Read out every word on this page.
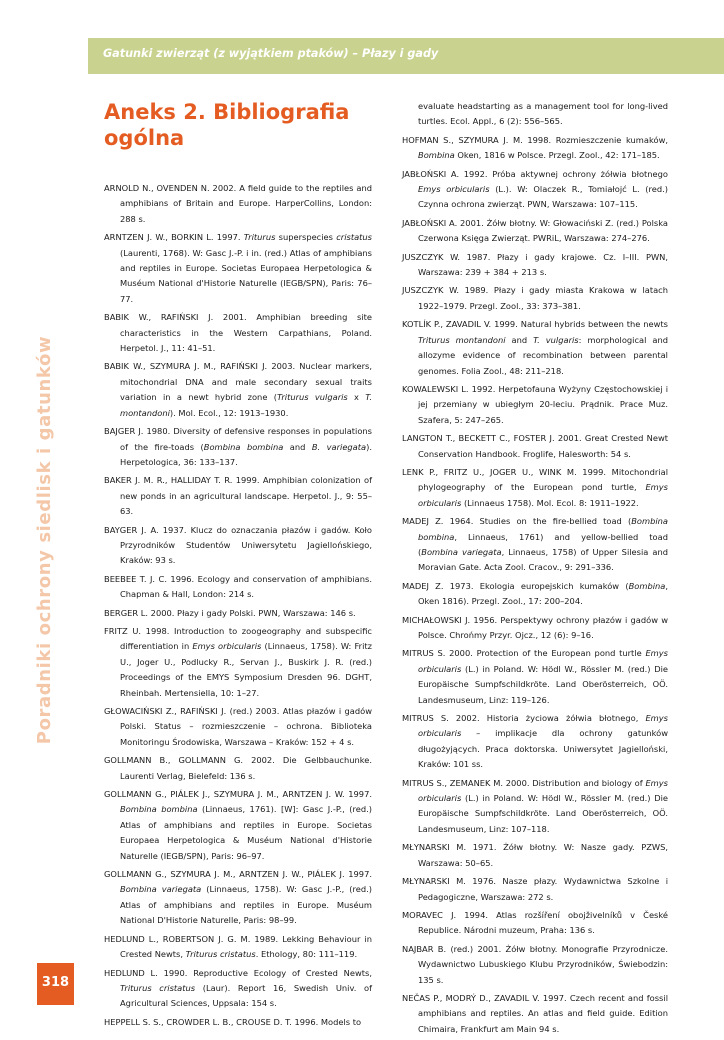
Gatunki zwierząt (z wyjątkiem ptaków) – Płazy i gady
Poradniki ochrony siedlisk i gatunków
318
Aneks 2. Bibliografia
ogólna
ARNOLD N., OVENDEN N. 2002. A field guide to the reptiles and amphibians of Britain and Europe. HarperCollins, London: 288 s.
ARNTZEN J. W., BORKIN L. 1997. Triturus superspecies cristatus (Laurenti, 1768). W: Gasc J.-P. i in. (red.) Atlas of amphibians and reptiles in Europe. Societas Europaea Herpetologica & Muséum National d'Historie Naturelle (IEGB/SPN), Paris: 76–77.
BABIK W., RAFIŃSKI J. 2001. Amphibian breeding site characteristics in the Western Carpathians, Poland. Herpetol. J., 11: 41–51.
BABIK W., SZYMURA J. M., RAFIŃSKI J. 2003. Nuclear markers, mitochondrial DNA and male secondary sexual traits variation in a newt hybrid zone (Triturus vulgaris x T. montandoni). Mol. Ecol., 12: 1913–1930.
BAJGER J. 1980. Diversity of defensive responses in populations of the fire-toads (Bombina bombina and B. variegata). Herpetologica, 36: 133–137.
BAKER J. M. R., HALLIDAY T. R. 1999. Amphibian colonization of new ponds in an agricultural landscape. Herpetol. J., 9: 55–63.
BAYGER J. A. 1937. Klucz do oznaczania płazów i gadów. Koło Przyrodników Studentów Uniwersytetu Jagiellońskiego, Kraków: 93 s.
BEEBEE T. J. C. 1996. Ecology and conservation of amphibians. Chapman & Hall, London: 214 s.
BERGER L. 2000. Płazy i gady Polski. PWN, Warszawa: 146 s.
FRITZ U. 1998. Introduction to zoogeography and subspecific differentiation in Emys orbicularis (Linnaeus, 1758). W: Fritz U., Joger U., Podlucky R., Servan J., Buskirk J. R. (red.) Proceedings of the EMYS Symposium Dresden 96. DGHT, Rheinbah. Mertensiella, 10: 1–27.
GŁOWACIŃSKI Z., RAFIŃSKI J. (red.) 2003. Atlas płazów i gadów Polski. Status – rozmieszczenie – ochrona. Biblioteka Monitoringu Środowiska, Warszawa – Kraków: 152 + 4 s.
GOLLMANN B., GOLLMANN G. 2002. Die Gelbbauchunke. Laurenti Verlag, Bielefeld: 136 s.
GOLLMANN G., PIÁLEK J., SZYMURA J. M., ARNTZEN J. W. 1997. Bombina bombina (Linnaeus, 1761). [W]: Gasc J.-P., (red.) Atlas of amphibians and reptiles in Europe. Societas Europaea Herpetologica & Muséum National d'Historie Naturelle (IEGB/SPN), Paris: 96–97.
GOLLMANN G., SZYMURA J. M., ARNTZEN J. W., PIÁLEK J. 1997. Bombina variegata (Linnaeus, 1758). W: Gasc J.-P., (red.) Atlas of amphibians and reptiles in Europe. Muséum National D'Historie Naturelle, Paris: 98–99.
HEDLUND L., ROBERTSON J. G. M. 1989. Lekking Behaviour in Crested Newts, Triturus cristatus. Ethology, 80: 111–119.
HEDLUND L. 1990. Reproductive Ecology of Crested Newts, Triturus cristatus (Laur). Report 16, Swedish Univ. of Agricultural Sciences, Uppsala: 154 s.
HEPPELL S. S., CROWDER L. B., CROUSE D. T. 1996. Models to
evaluate headstarting as a management tool for long-lived turtles. Ecol. Appl., 6 (2): 556–565.
HOFMAN S., SZYMURA J. M. 1998. Rozmieszczenie kumaków, Bombina Oken, 1816 w Polsce. Przegl. Zool., 42: 171–185.
JABŁOŃSKI A. 1992. Próba aktywnej ochrony żółwia błotnego Emys orbicularis (L.). W: Olaczek R., Tomiałojć L. (red.) Czynna ochrona zwierząt. PWN, Warszawa: 107–115.
JABŁOŃSKI A. 2001. Żółw błotny. W: Głowaciński Z. (red.) Polska Czerwona Księga Zwierząt. PWRiL, Warszawa: 274–276.
JUSZCZYK W. 1987. Płazy i gady krajowe. Cz. I–III. PWN, Warszawa: 239 + 384 + 213 s.
JUSZCZYK W. 1989. Płazy i gady miasta Krakowa w latach 1922–1979. Przegl. Zool., 33: 373–381.
KOTLÍK P., ZAVADIL V. 1999. Natural hybrids between the newts Triturus montandoni and T. vulgaris: morphological and allozyme evidence of recombination between parental genomes. Folia Zool., 48: 211–218.
KOWALEWSKI L. 1992. Herpetofauna Wyżyny Częstochowskiej i jej przemiany w ubiegłym 20-leciu. Prądnik. Prace Muz. Szafera, 5: 247–265.
LANGTON T., BECKETT C., FOSTER J. 2001. Great Crested Newt Conservation Handbook. Froglife, Halesworth: 54 s.
LENK P., FRITZ U., JOGER U., WINK M. 1999. Mitochondrial phylogeography of the European pond turtle, Emys orbicularis (Linnaeus 1758). Mol. Ecol. 8: 1911–1922.
MADEJ Z. 1964. Studies on the fire-bellied toad (Bombina bombina, Linnaeus, 1761) and yellow-bellied toad (Bombina variegata, Linnaeus, 1758) of Upper Silesia and Moravian Gate. Acta Zool. Cracov., 9: 291–336.
MADEJ Z. 1973. Ekologia europejskich kumaków (Bombina, Oken 1816). Przegl. Zool., 17: 200–204.
MICHAŁOWSKI J. 1956. Perspektywy ochrony płazów i gadów w Polsce. Chrońmy Przyr. Ojcz., 12 (6): 9–16.
MITRUS S. 2000. Protection of the European pond turtle Emys orbicularis (L.) in Poland. W: Hödl W., Rössler M. (red.) Die Europäische Sumpfschildkröte. Land Oberösterreich, OÖ. Landesmuseum, Linz: 119–126.
MITRUS S. 2002. Historia życiowa żółwia błotnego, Emys orbicularis – implikacje dla ochrony gatunków długożyjących. Praca doktorska. Uniwersytet Jagielloński, Kraków: 101 ss.
MITRUS S., ZEMANEK M. 2000. Distribution and biology of Emys orbicularis (L.) in Poland. W: Hödl W., Rössler M. (red.) Die Europäische Sumpfschildkröte. Land Oberösterreich, OÖ. Landesmuseum, Linz: 107–118.
MŁYNARSKI M. 1971. Żółw błotny. W: Nasze gady. PZWS, Warszawa: 50–65.
MŁYNARSKI M. 1976. Nasze płazy. Wydawnictwa Szkolne i Pedagogiczne, Warszawa: 272 s.
MORAVEC J. 1994. Atlas rozšíření obojživelníků v České Republice. Národni muzeum, Praha: 136 s.
NAJBAR B. (red.) 2001. Żółw błotny. Monografie Przyrodnicze. Wydawnictwo Lubuskiego Klubu Przyrodników, Świebodzin: 135 s.
NEČAS P., MODRÝ D., ZAVADIL V. 1997. Czech recent and fossil amphibians and reptiles. An atlas and field guide. Edition Chimaira, Frankfurt am Main 94 s.
